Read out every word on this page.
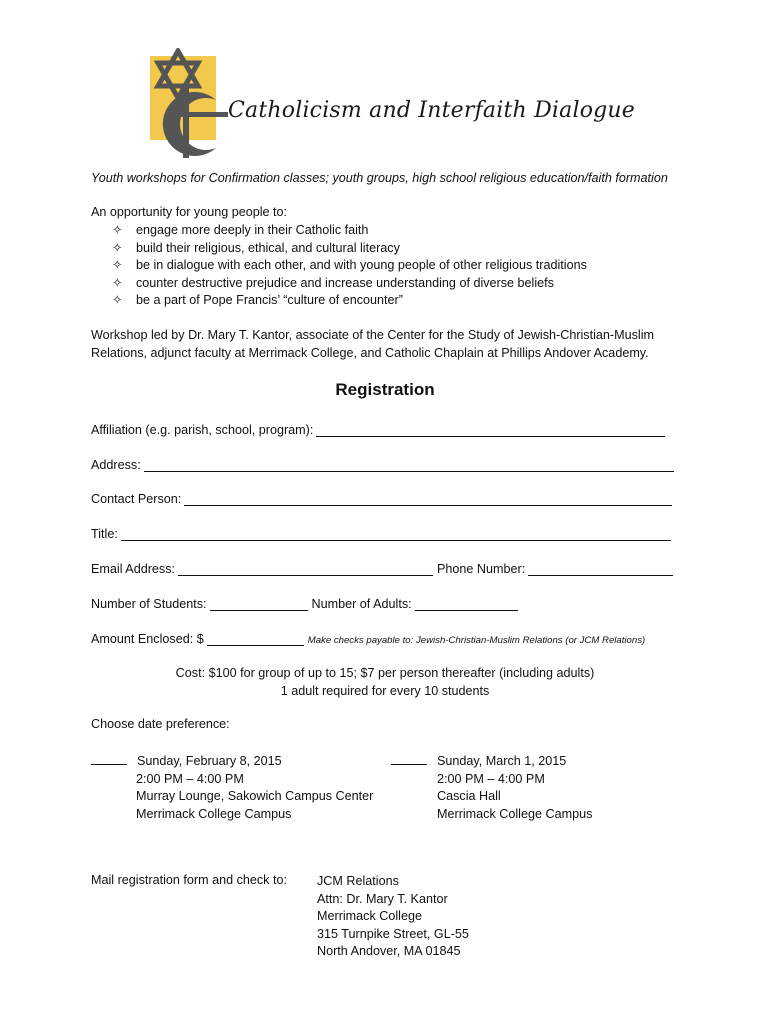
Catholicism and Interfaith Dialogue
Youth workshops for Confirmation classes; youth groups, high school religious education/faith formation
An opportunity for young people to:
✧ engage more deeply in their Catholic faith
✧ build their religious, ethical, and cultural literacy
✧ be in dialogue with each other, and with young people of other religious traditions
✧ counter destructive prejudice and increase understanding of diverse beliefs
✧ be a part of Pope Francis’ “culture of encounter”
Workshop led by Dr. Mary T. Kantor, associate of the Center for the Study of Jewish-Christian-Muslim Relations, adjunct faculty at Merrimack College, and Catholic Chaplain at Phillips Andover Academy.
Registration
Affiliation (e.g. parish, school, program):
Address:
Contact Person:
Title:
Email Address:	Phone Number:
Number of Students:	Number of Adults:
Amount Enclosed: $	Make checks payable to: Jewish-Christian-Muslim Relations (or JCM Relations)
Cost: $100 for group of up to 15; $7 per person thereafter (including adults)
1 adult required for every 10 students
Choose date preference:
Sunday, February 8, 2015
2:00 PM – 4:00 PM
Murray Lounge, Sakowich Campus Center
Merrimack College Campus
Sunday, March 1, 2015
2:00 PM – 4:00 PM
Cascia Hall
Merrimack College Campus
Mail registration form and check to: JCM Relations
Attn: Dr. Mary T. Kantor
Merrimack College
315 Turnpike Street, GL-55
North Andover, MA 01845
